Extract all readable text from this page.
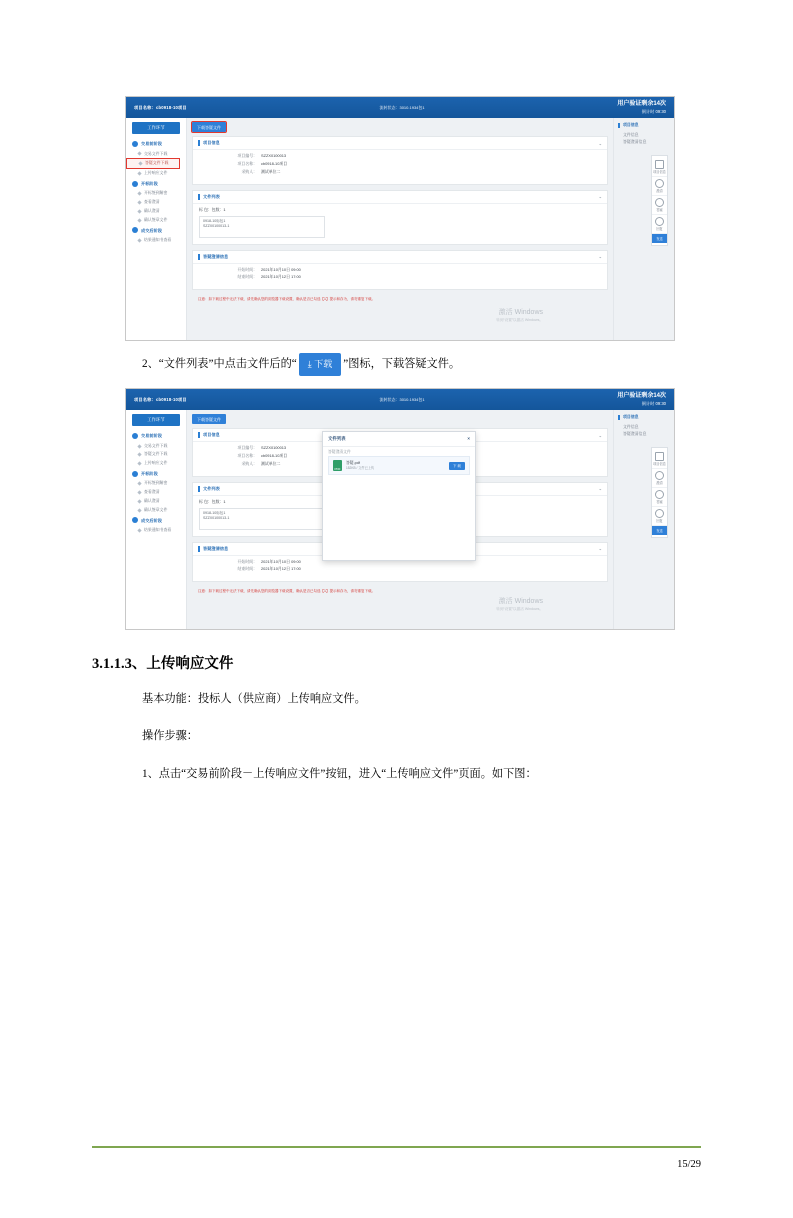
项目名称：cb0918-10项目	流转状态：3010.1934包1
用户验证剩余14次
倒计时 09:30
工作环节
交易前阶段
交易文件下载
答疑文件下载
上传响应文件
开标阶段
开标签到解密
查看澄清
确认澄清
确认签章文件
成交后阶段
结果通知书查看
下载答疑文件
项目信息	⌄
项目编号： SZZX0100013
项目名称： cb0918-10项目
采购人： 测试单位二
文件列表	⌄
标 包：包数：1
0918-10标包1
SZZX0100013-1
答疑澄清信息	⌄
开始时间： 2021年10月10日 09:00
结束时间： 2021年10月12日 17:00
注意：如下载过程中无法下载，请先确认您的浏览器下载设置，确认是否已勾选【1】提示和存为，请勿重复下载。
激活 Windows
转到“设置”以激活 Windows。
项目信息
文件信息
答疑澄清信息
项目信息
澄清
答疑
回复
发送
2、“文件列表”中点击文件后的“	⤓ 下载 ”图标，下载答疑文件。
项目名称：cb0918-10项目	流转状态：3010.1934包1
用户验证剩余14次
倒计时 09:30
工作环节
交易前阶段
交易文件下载
答疑文件下载
上传响应文件
开标阶段
开标签到解密
查看澄清
确认澄清
确认签章文件
成交后阶段
结果通知书查看
下载答疑文件
项目信息	⌄
项目编号： SZZX0100013
项目名称： cb0918-10项目
采购人： 测试单位二
文件列表	⌄
标 包：包数：1
0918-10标包1
SZZX0100013-1
答疑澄清信息	⌄
开始时间： 2021年10月10日 09:00
结束时间： 2021年10月12日 17:00
注意：如下载过程中无法下载，请先确认您的浏览器下载设置，确认是否已勾选【1】提示和存为，请勿重复下载。
激活 Windows
转到“设置”以激活 Windows。
项目信息
文件信息
答疑澄清信息
项目信息
澄清
答疑
回复
发送
文件列表	×
答疑澄清文件
PDF
答疑.pdf
152KB / 文件已上传
下 载
3.1.1.3、上传响应文件

基本功能：投标人（供应商）上传响应文件。

操作步骤：

1、点击“交易前阶段－上传响应文件”按钮，进入“上传响应文件”页面。如下图：

15/29
